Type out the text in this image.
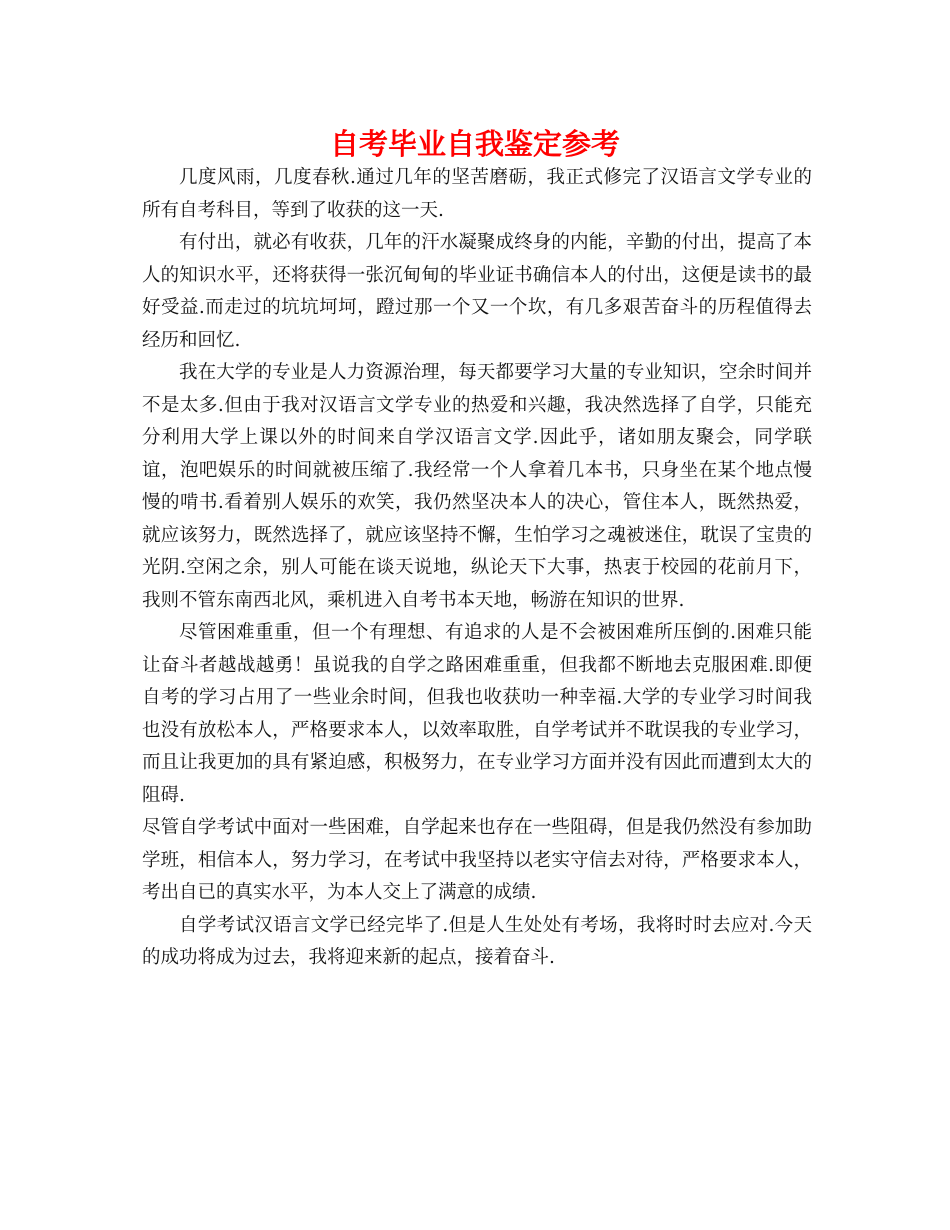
自考毕业自我鉴定参考

几度风雨，几度春秋.通过几年的坚苦磨砺，我正式修完了汉语言文学专业的所有自考科目，等到了收获的这一天.

有付出，就必有收获，几年的汗水凝聚成终身的内能，辛勤的付出，提高了本人的知识水平，还将获得一张沉甸甸的毕业证书确信本人的付出，这便是读书的最好受益.而走过的坑坑坷坷，蹬过那一个又一个坎，有几多艰苦奋斗的历程值得去经历和回忆.

我在大学的专业是人力资源治理，每天都要学习大量的专业知识，空余时间并不是太多.但由于我对汉语言文学专业的热爱和兴趣，我决然选择了自学，只能充分利用大学上课以外的时间来自学汉语言文学.因此乎，诸如朋友聚会，同学联谊，泡吧娱乐的时间就被压缩了.我经常一个人拿着几本书，只身坐在某个地点慢慢的啃书.看着别人娱乐的欢笑，我仍然坚决本人的决心，管住本人，既然热爱，就应该努力，既然选择了，就应该坚持不懈，生怕学习之魂被迷住，耽误了宝贵的光阴.空闲之余，别人可能在谈天说地，纵论天下大事，热衷于校园的花前月下，我则不管东南西北风，乘机进入自考书本天地，畅游在知识的世界.

尽管困难重重，但一个有理想、有追求的人是不会被困难所压倒的.困难只能让奋斗者越战越勇！虽说我的自学之路困难重重，但我都不断地去克服困难.即便自考的学习占用了一些业余时间，但我也收获叻一种幸福.大学的专业学习时间我也没有放松本人，严格要求本人，以效率取胜，自学考试并不耽误我的专业学习，而且让我更加的具有紧迫感，积极努力，在专业学习方面并没有因此而遭到太大的阻碍.

尽管自学考试中面对一些困难，自学起来也存在一些阻碍，但是我仍然没有参加助学班，相信本人，努力学习，在考试中我坚持以老实守信去对待，严格要求本人，考出自已的真实水平，为本人交上了满意的成绩.

自学考试汉语言文学已经完毕了.但是人生处处有考场，我将时时去应对.今天的成功将成为过去，我将迎来新的起点，接着奋斗.
